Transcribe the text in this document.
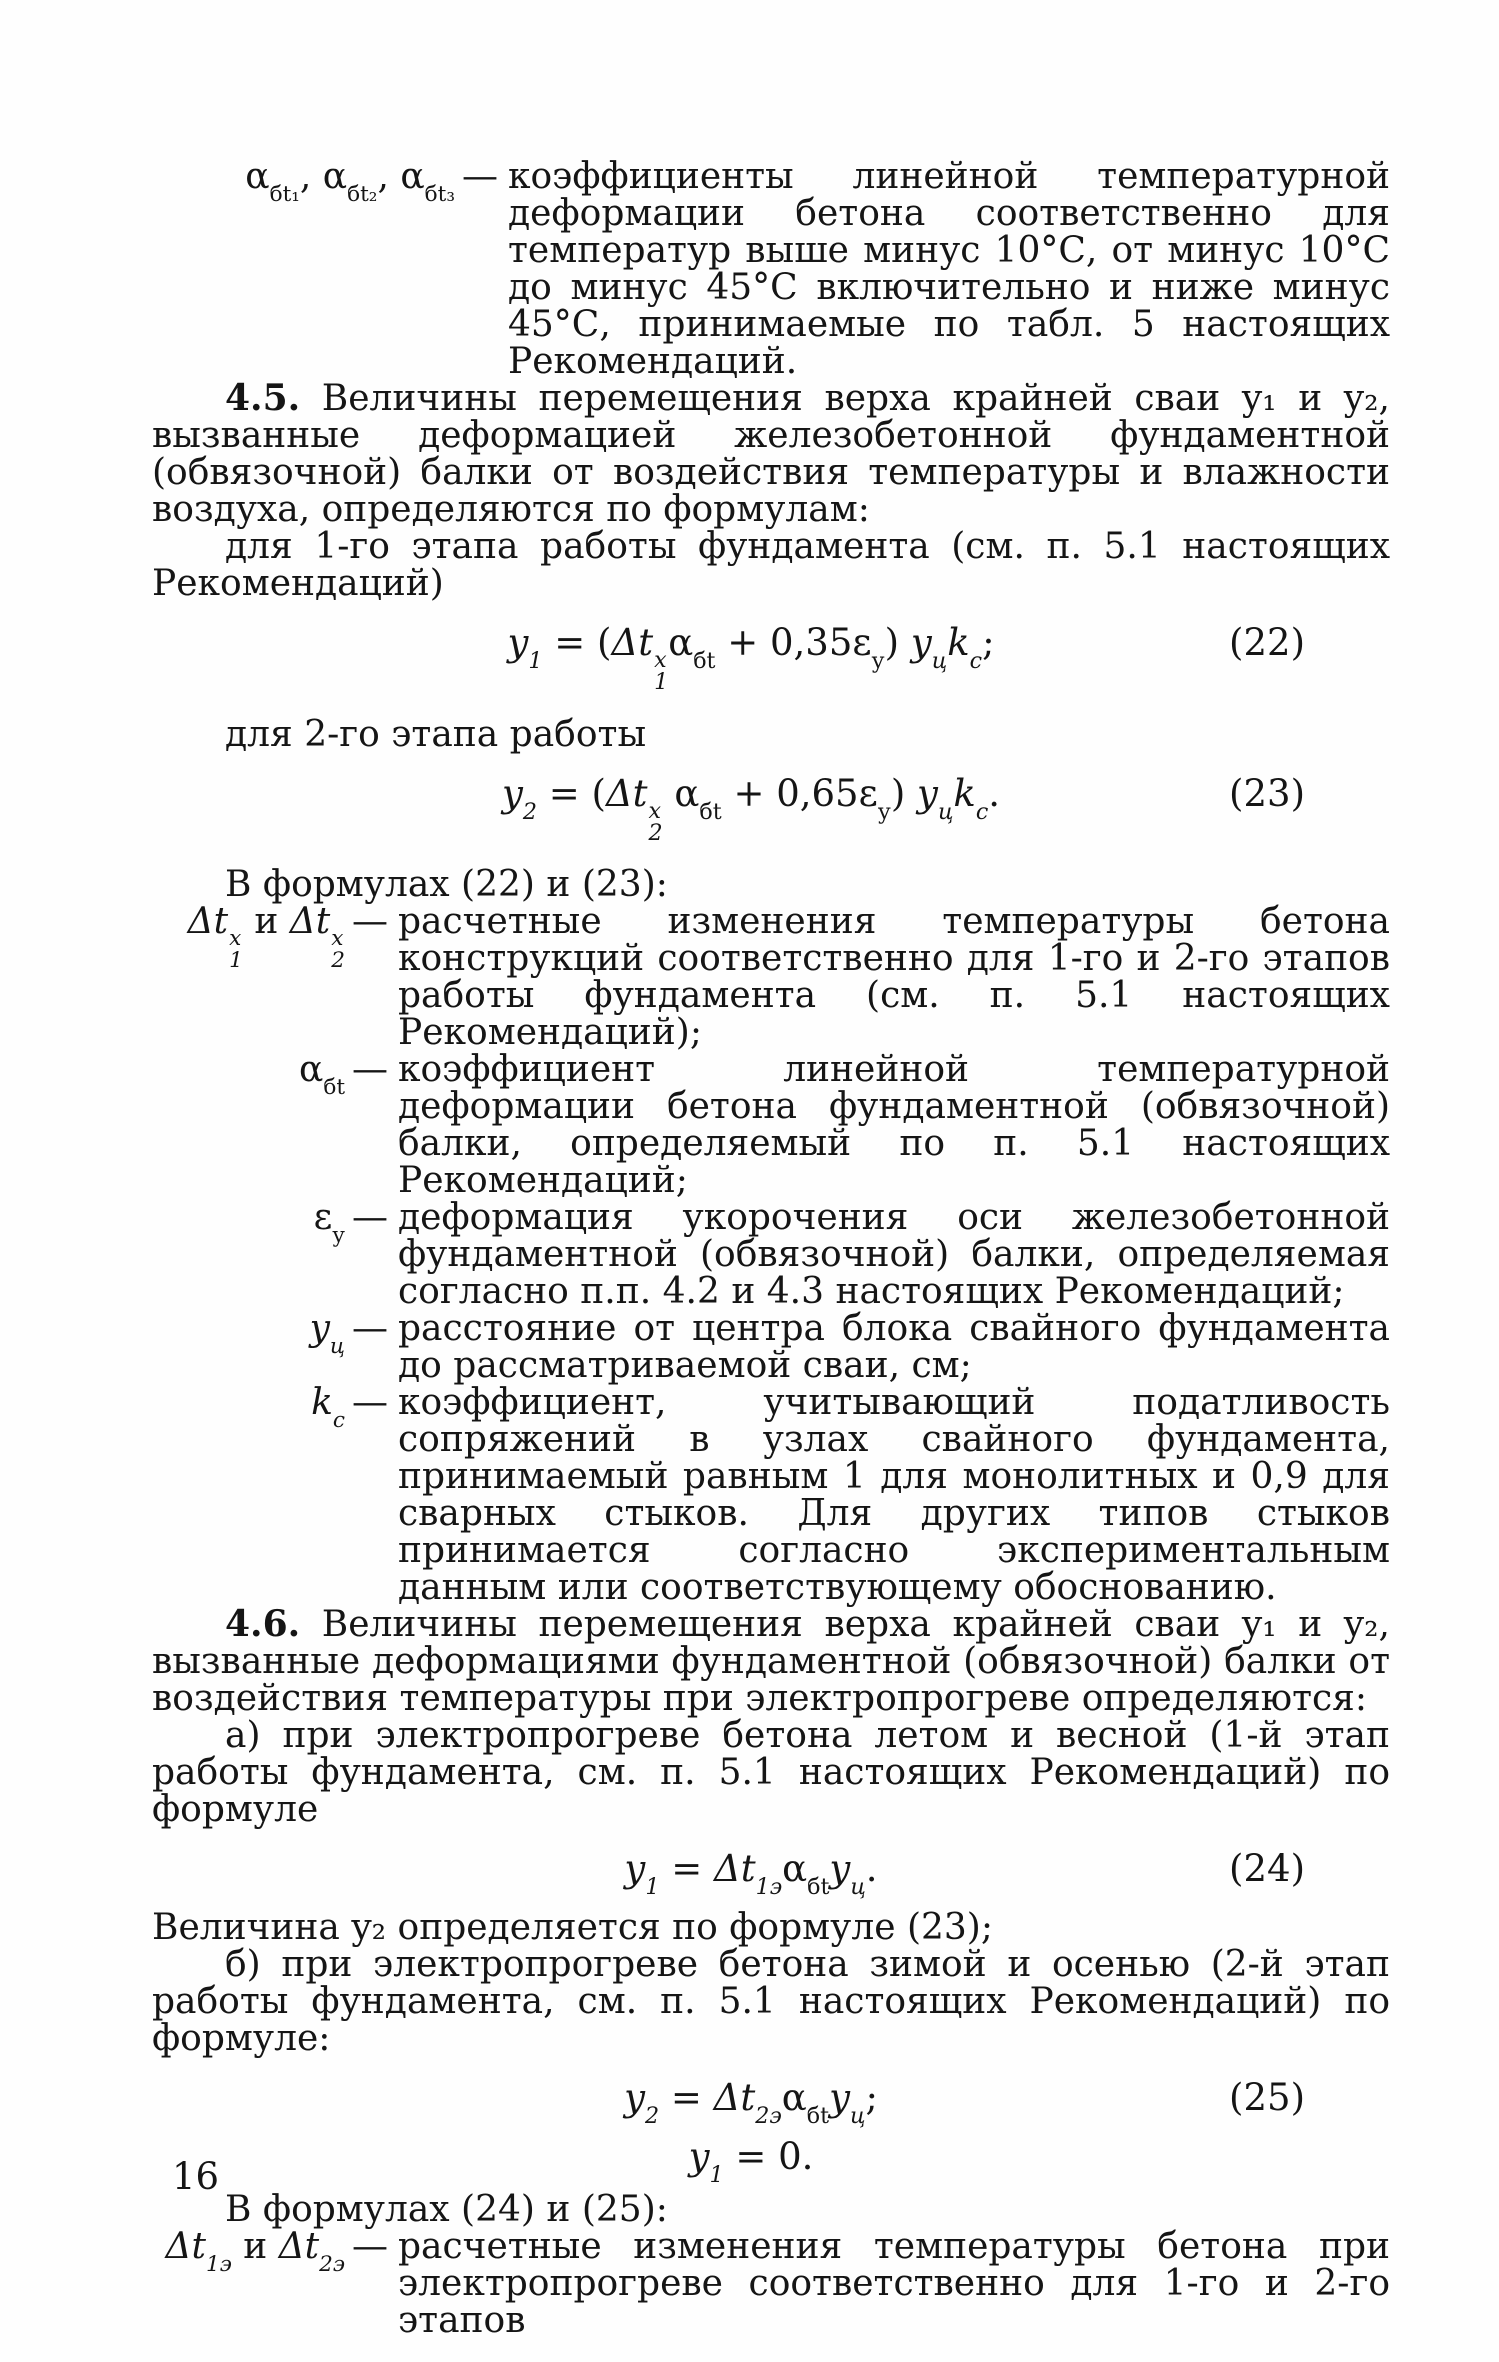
$\alpha_{бt_1}$, $\alpha_{бt_2}$, $\alpha_{бt_3}$ — коэффициенты линейной температурной деформации бетона соответственно для температур выше минус 10°С, от минус 10°С до минус 45°С включительно и ниже минус 45°С, принимаемые по табл. 5 настоящих Рекомендаций.

4.5. Величины перемещения верха крайней сваи y₁ и y₂, вызванные деформацией железобетонной фундаментной (обвязочной) балки от воздействия температуры и влажности воздуха, определяются по формулам:

для 1-го этапа работы фундамента (см. п. 5.1 настоящих Рекомендаций)

$y_1 = (\Delta t$ x
1
$\alpha_{бt} + 0,35\varepsilon_у$) $y_цk_с$;	(22)

для 2-го этапа работы

$y_2 = (\Delta t$ x
2
$\alpha_{бt} + 0,65\varepsilon_у$) $y_цk_с$.	(23)

В формулах (22) и (23):

Δt x
1
и Δt x
2
— расчетные изменения температуры бетона конструкций соответственно для 1-го и 2-го этапов работы фундамента (см. п. 5.1 настоящих Рекомендаций);
$\alpha_{бt}$ — коэффициент линейной температурной деформации бетона фундаментной (обвязочной) балки, определяемый по п. 5.1 настоящих Рекомендаций;
$\varepsilon_у$ — деформация укорочения оси железобетонной фундаментной (обвязочной) балки, определяемая согласно п.п. 4.2 и 4.3 настоящих Рекомендаций;
$y_ц$ — расстояние от центра блока свайного фундамента до рассматриваемой сваи, см;
$k_с$ — коэффициент, учитывающий податливость сопряжений в узлах свайного фундамента, принимаемый равным 1 для монолитных и 0,9 для сварных стыков. Для других типов стыков принимается согласно экспериментальным данным или соответствующему обоснованию.

4.6. Величины перемещения верха крайней сваи y₁ и y₂, вызванные деформациями фундаментной (обвязочной) балки от воздействия температуры при электропрогреве определяются:

а) при электропрогреве бетона летом и весной (1-й этап работы фундамента, см. п. 5.1 настоящих Рекомендаций) по формуле

$y_1 = \Delta t_{1э}\alpha_{бt}y_ц$.	(24)

Величина y₂ определяется по формуле (23);

б) при электропрогреве бетона зимой и осенью (2-й этап работы фундамента, см. п. 5.1 настоящих Рекомендаций) по формуле:

$y_2 = \Delta t_{2э}\alpha_{бt}y_ц$;	(25)
$y_1 = 0$.

В формулах (24) и (25):

$\Delta t_{1э}$ и $\Delta t_{2э}$ — расчетные изменения температуры бетона при электропрогреве соответственно для 1-го и 2-го этапов
16
